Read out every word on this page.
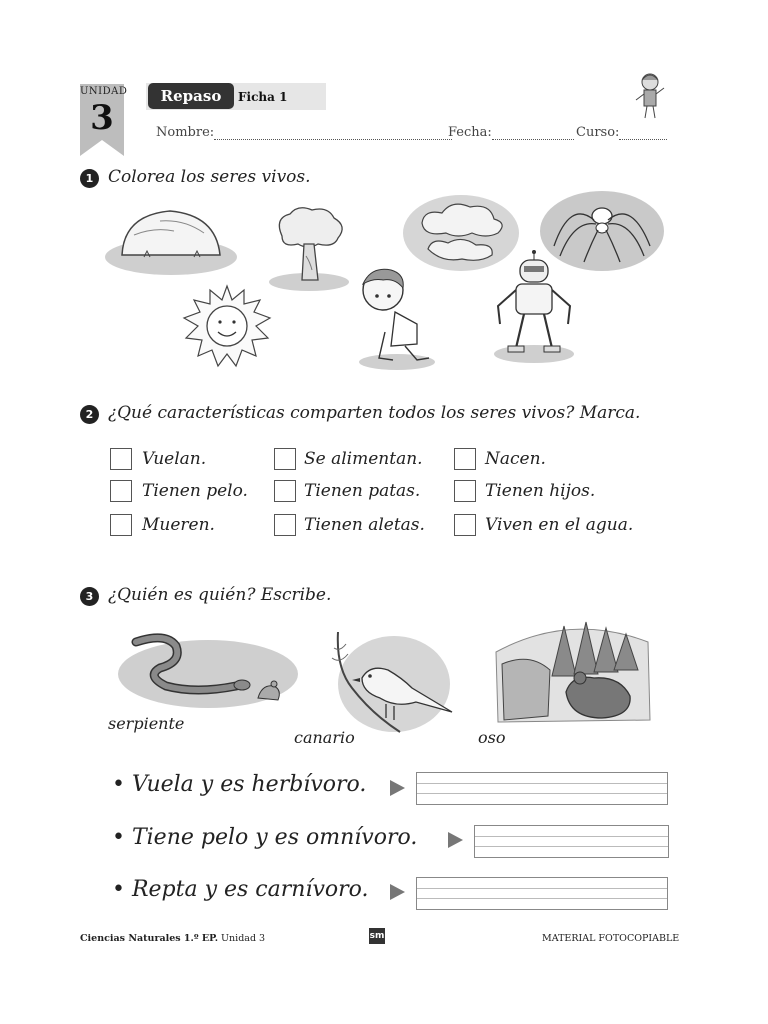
UNIDAD
3
Repaso	Ficha 1
Nombre:	Fecha:	Curso:
1 Colorea los seres vivos.
2 ¿Qué características comparten todos los seres vivos? Marca.
Vuelan.	Se alimentan.	Nacen.
Tienen pelo.	Tienen patas.	Tienen hijos.
Mueren.	Tienen aletas.	Viven en el agua.
3 ¿Quién es quién? Escribe.
serpiente
canario	oso
• Vuela y es herbívoro.
• Tiene pelo y es omnívoro.
• Repta y es carnívoro.
Ciencias Naturales 1.º EP. Unidad 3	sm	MATERIAL FOTOCOPIABLE
